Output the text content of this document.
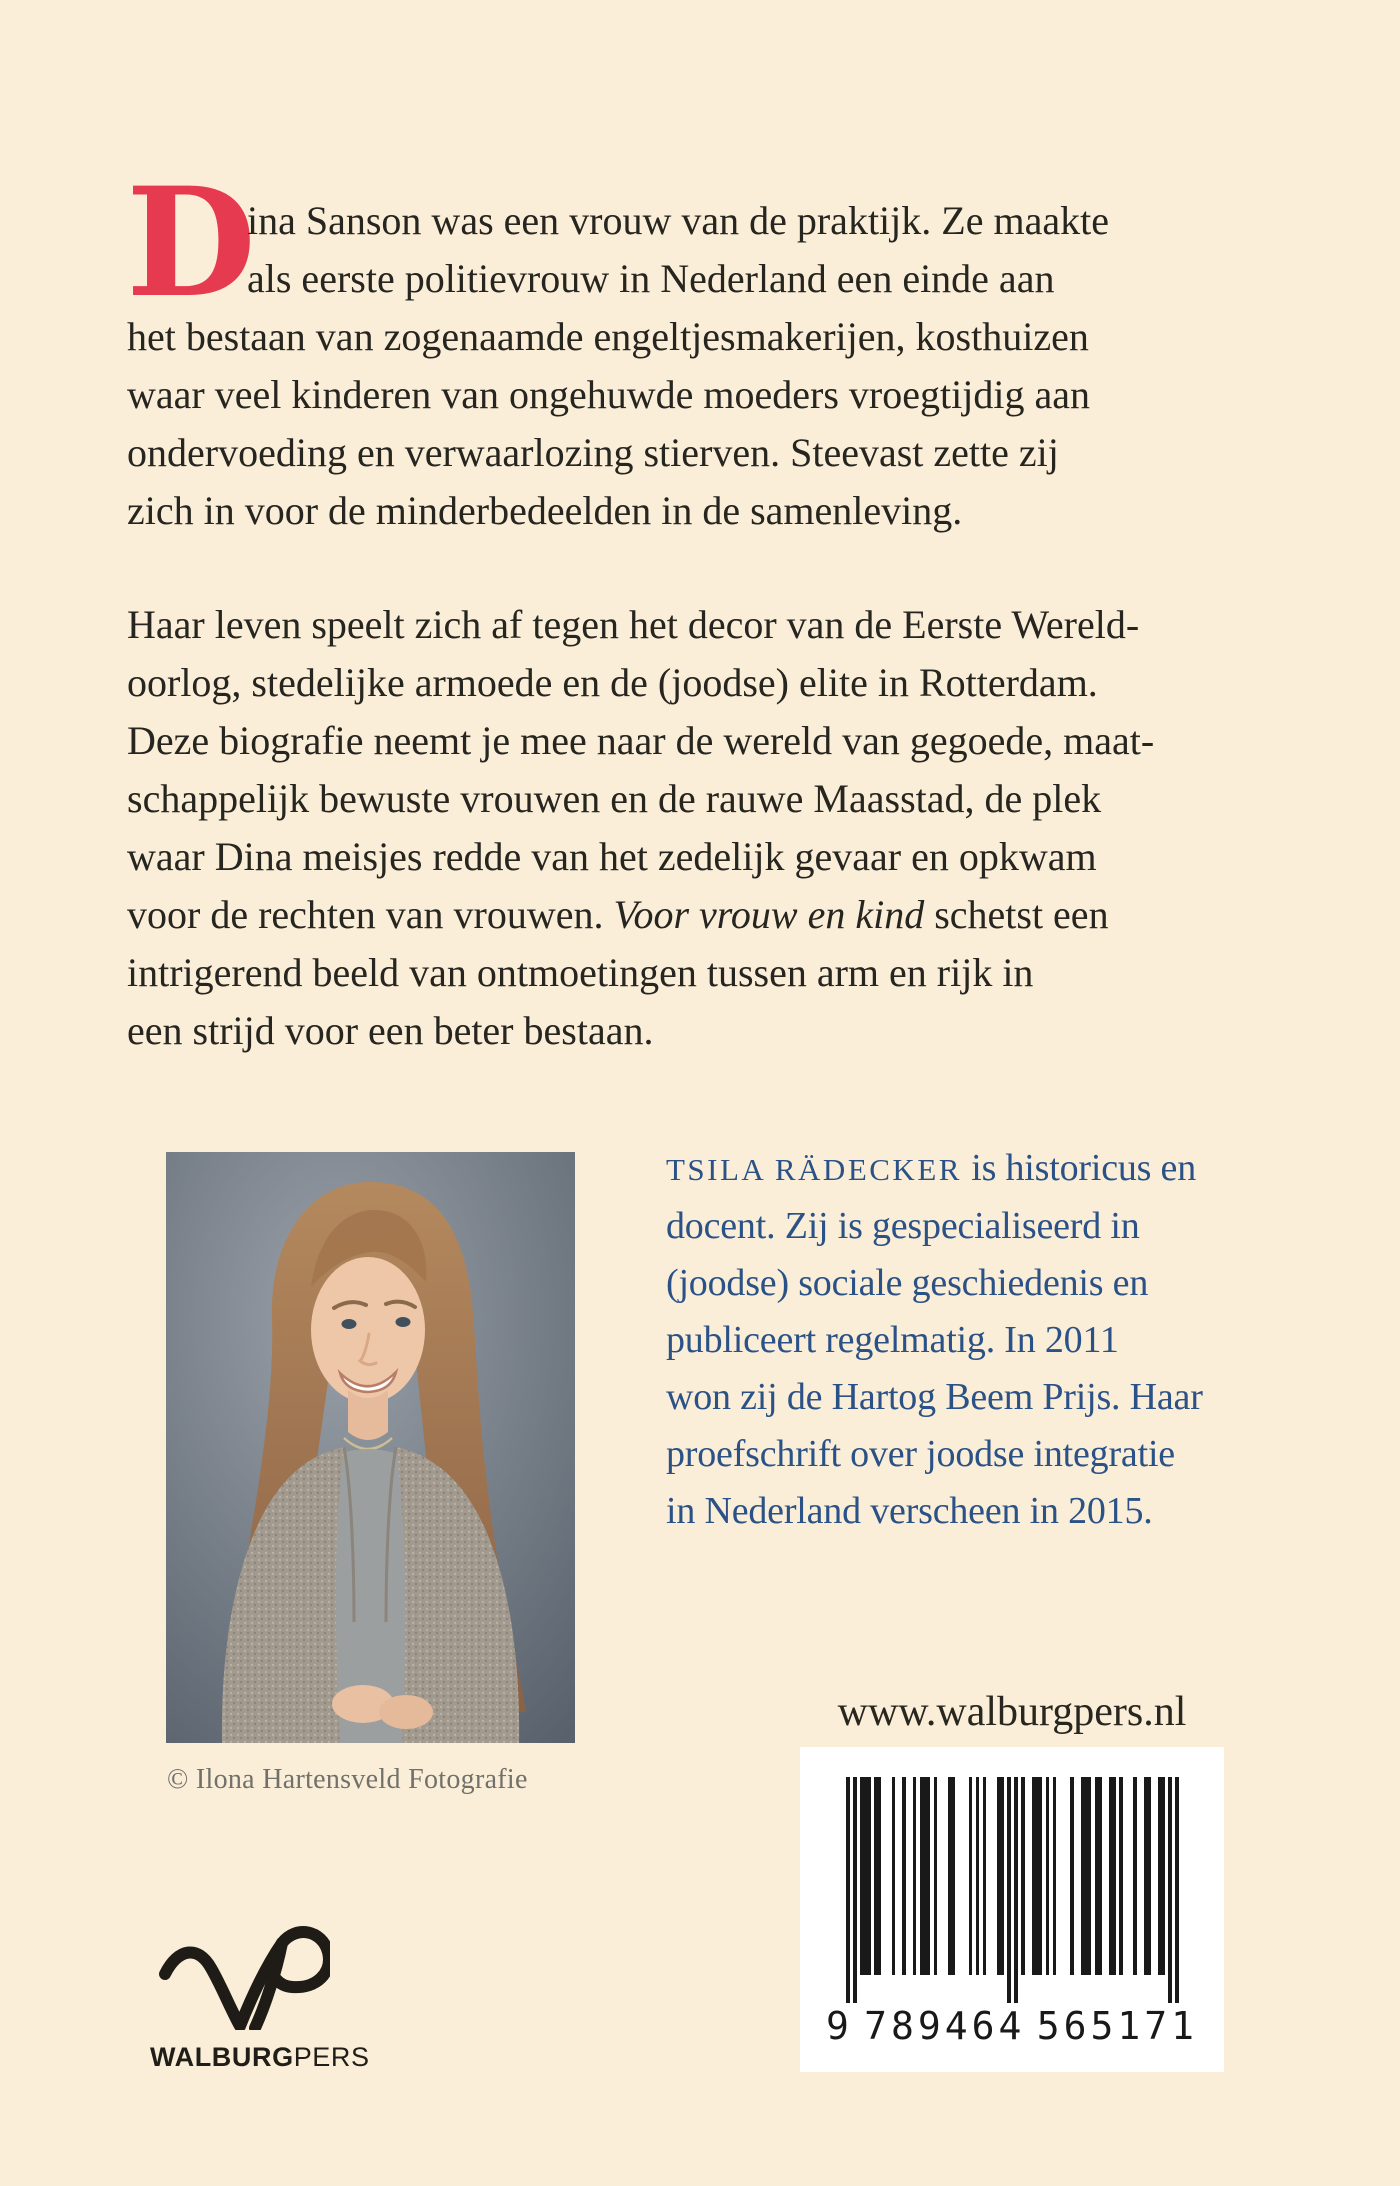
D
ina Sanson was een vrouw van de praktijk. Ze maakte
als eerste politievrouw in Nederland een einde aan
het bestaan van zogenaamde engeltjesmakerijen, kosthuizen
waar veel kinderen van ongehuwde moeders vroegtijdig aan
ondervoeding en verwaarlozing stierven. Steevast zette zij
zich in voor de minderbedeelden in de samenleving.
Haar leven speelt zich af tegen het decor van de Eerste Wereld-
oorlog, stedelijke armoede en de (joodse) elite in Rotterdam.
Deze biografie neemt je mee naar de wereld van gegoede, maat-
schappelijk bewuste vrouwen en de rauwe Maasstad, de plek
waar Dina meisjes redde van het zedelijk gevaar en opkwam
voor de rechten van vrouwen. Voor vrouw en kind schetst een
intrigerend beeld van ontmoetingen tussen arm en rijk in
een strijd voor een beter bestaan.
TSILA RÄDECKER is historicus en
docent. Zij is gespecialiseerd in
(joodse) sociale geschiedenis en
publiceert regelmatig. In 2011
won zij de Hartog Beem Prijs. Haar
proefschrift over joodse integratie
in Nederland verscheen in 2015.
© Ilona Hartensveld Fotografie
www.walburgpers.nl
9 789464 565171
WALBURGPERS
